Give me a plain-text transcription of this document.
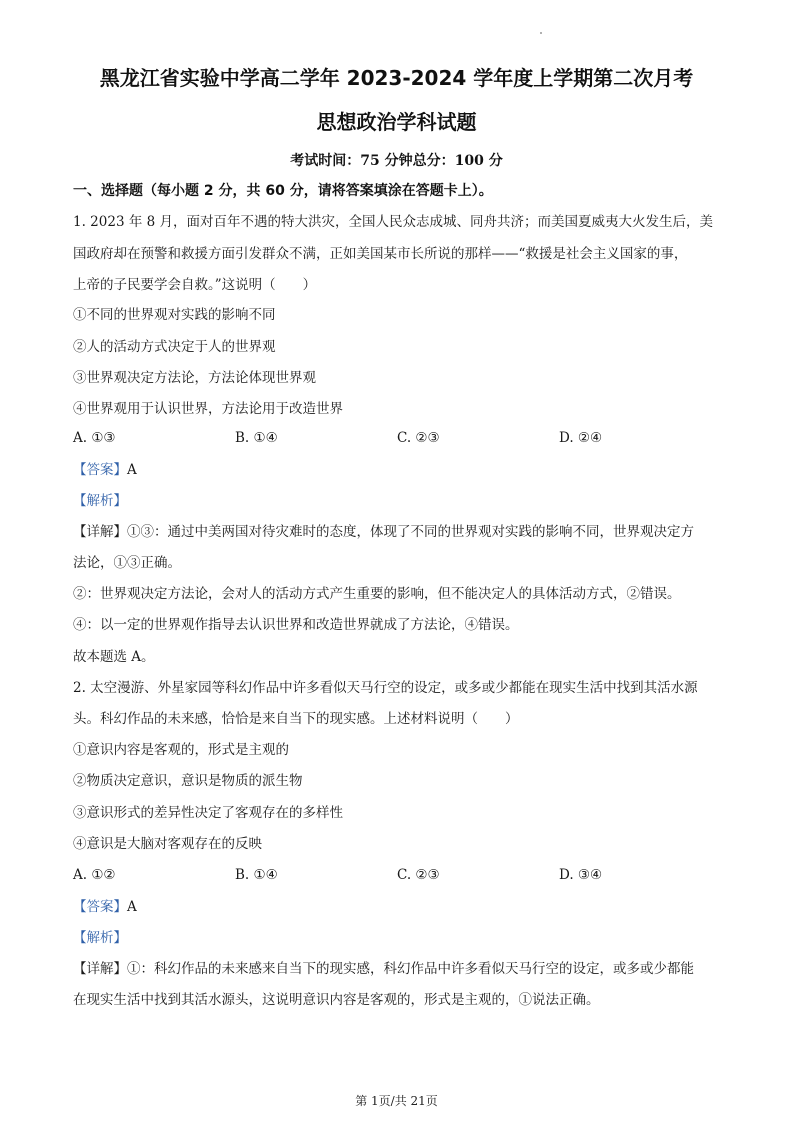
黑龙江省实验中学高二学年 2023-2024 学年度上学期第二次月考
思想政治学科试题
考试时间：75 分钟总分：100 分
一、选择题（每小题 2 分，共 60 分，请将答案填涂在答题卡上）。
1. 2023 年 8 月，面对百年不遇的特大洪灾，全国人民众志成城、同舟共济；而美国夏威夷大火发生后，美
国政府却在预警和救援方面引发群众不满，正如美国某市长所说的那样——“救援是社会主义国家的事，
上帝的子民要学会自救。”这说明（　　）
①不同的世界观对实践的影响不同
②人的活动方式决定于人的世界观
③世界观决定方法论，方法论体现世界观
④世界观用于认识世界，方法论用于改造世界
A. ①③	B. ①④	C. ②③	D. ②④
【答案】A
【解析】
【详解】①③：通过中美两国对待灾难时的态度，体现了不同的世界观对实践的影响不同，世界观决定方
法论，①③正确。
②：世界观决定方法论，会对人的活动方式产生重要的影响，但不能决定人的具体活动方式，②错误。
④：以一定的世界观作指导去认识世界和改造世界就成了方法论，④错误。
故本题选 A。
2. 太空漫游、外星家园等科幻作品中许多看似天马行空的设定，或多或少都能在现实生活中找到其活水源
头。科幻作品的未来感，恰恰是来自当下的现实感。上述材料说明（　　）
①意识内容是客观的，形式是主观的
②物质决定意识，意识是物质的派生物
③意识形式的差异性决定了客观存在的多样性
④意识是大脑对客观存在的反映
A. ①②	B. ①④	C. ②③	D. ③④
【答案】A
【解析】
【详解】①：科幻作品的未来感来自当下的现实感，科幻作品中许多看似天马行空的设定，或多或少都能
在现实生活中找到其活水源头，这说明意识内容是客观的，形式是主观的，①说法正确。
第 1页/共 21页
